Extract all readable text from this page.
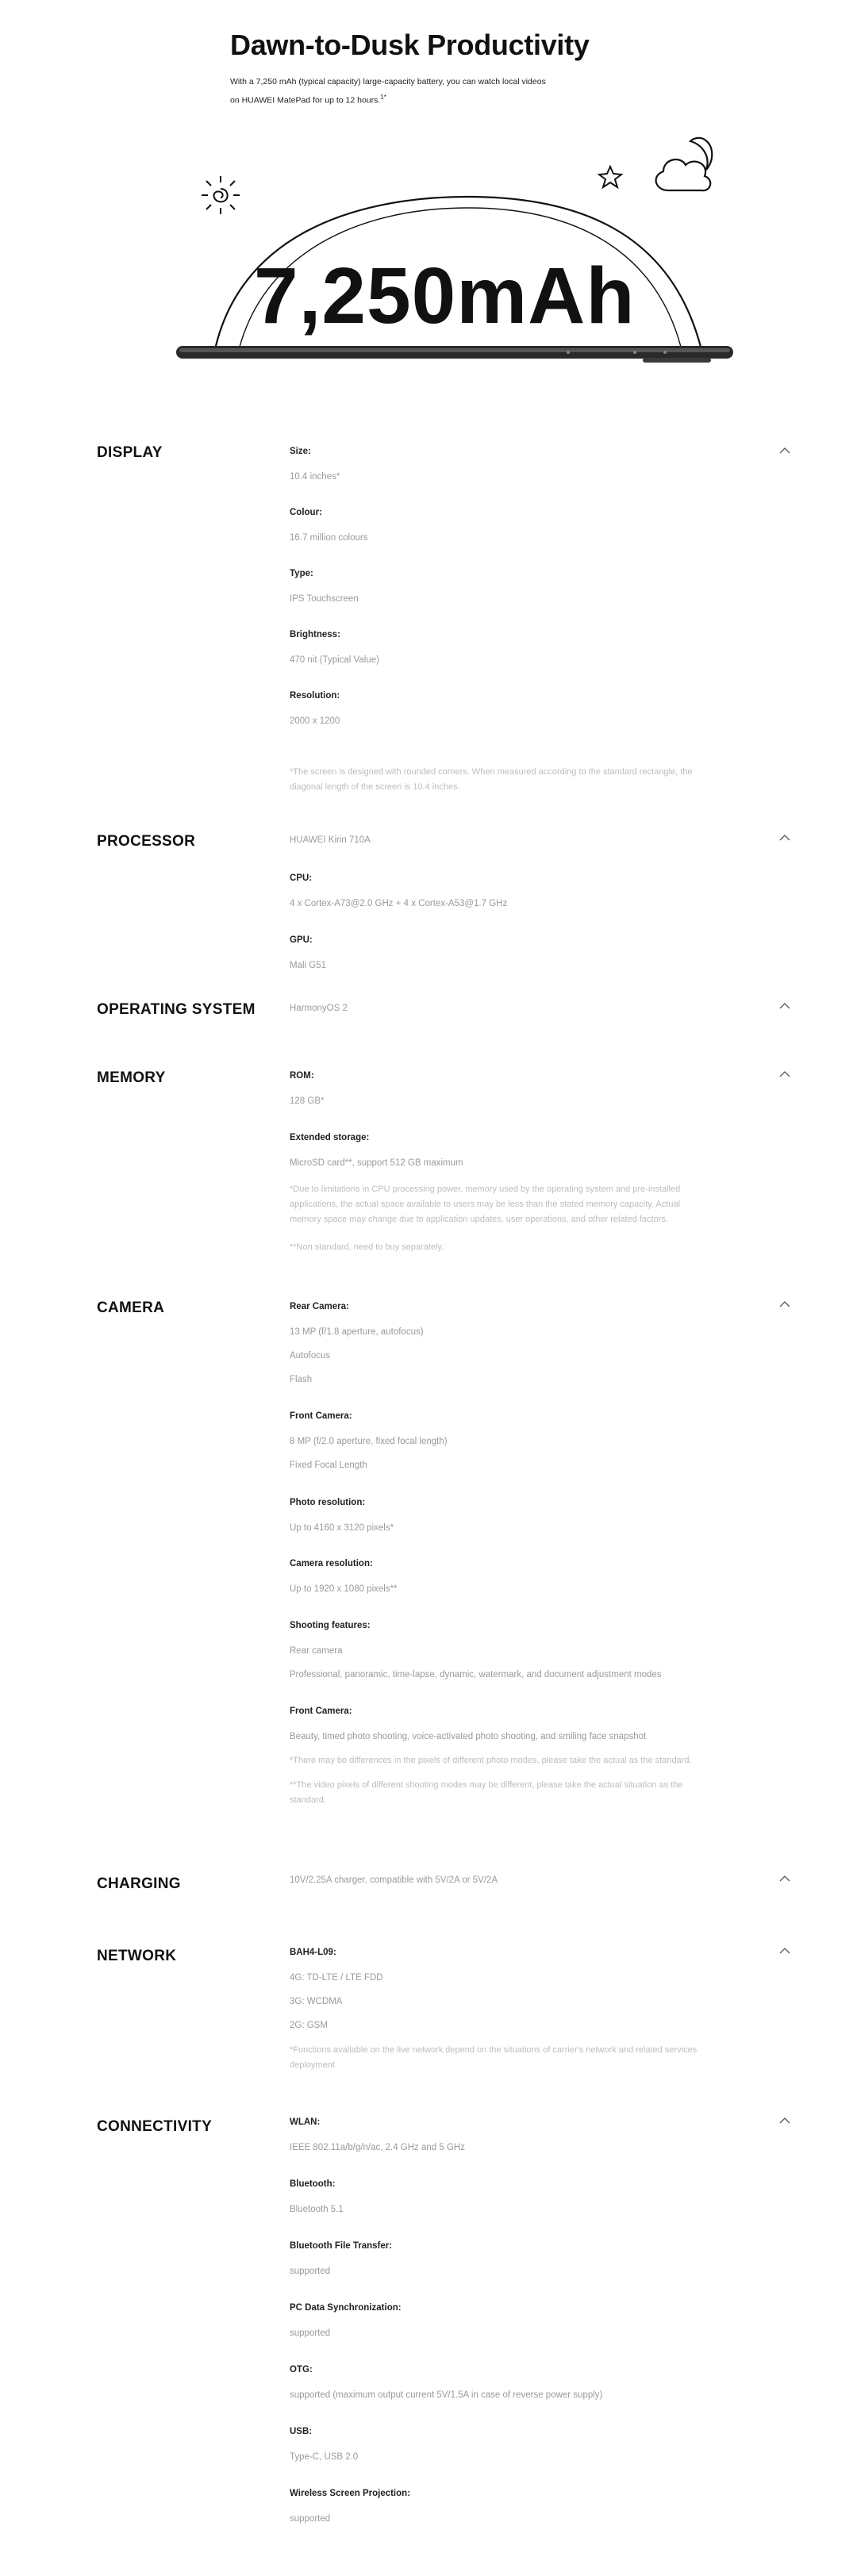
Dawn-to-Dusk Productivity

With a 7,250 mAh (typical capacity) large-capacity battery, you can watch local videos
on HUAWEI MatePad for up to 12 hours.$^{1*}$

7,250mAh
DISPLAY	Size:
10.4 inches*
Colour:
16.7 million colours
Type:
IPS Touchscreen
Brightness:
470 nit (Typical Value)
Resolution:
2000 x 1200
*The screen is designed with rounded corners. When measured according to the standard rectangle, the
diagonal length of the screen is 10.4 inches.
PROCESSOR	HUAWEI Kirin 710A
CPU:
4 x Cortex-A73@2.0 GHz + 4 x Cortex-A53@1.7 GHz
GPU:
Mali G51
OPERATING SYSTEM	HarmonyOS 2
MEMORY	ROM:
128 GB*
Extended storage:
MicroSD card**, support 512 GB maximum
*Due to limitations in CPU processing power, memory used by the operating system and pre-installed
applications, the actual space available to users may be less than the stated memory capacity. Actual
memory space may change due to application updates, user operations, and other related factors.
**Non standard, need to buy separately.
CAMERA	Rear Camera:
13 MP (f/1.8 aperture, autofocus)
Autofocus
Flash
Front Camera:
8 MP (f/2.0 aperture, fixed focal length)
Fixed Focal Length
Photo resolution:
Up to 4160 x 3120 pixels*
Camera resolution:
Up to 1920 x 1080 pixels**
Shooting features:
Rear camera
Professional, panoramic, time-lapse, dynamic, watermark, and document adjustment modes
Front Camera:
Beauty, timed photo shooting, voice-activated photo shooting, and smiling face snapshot
*There may be differences in the pixels of different photo modes, please take the actual as the standard.
**The video pixels of different shooting modes may be different, please take the actual situation as the
standard.
CHARGING	10V/2.25A charger, compatible with 5V/2A or 5V/2A
NETWORK	BAH4-L09:
4G: TD-LTE / LTE FDD
3G: WCDMA
2G: GSM
*Functions available on the live network depend on the situations of carrier's network and related services
deployment.
CONNECTIVITY	WLAN:
IEEE 802.11a/b/g/n/ac, 2.4 GHz and 5 GHz
Bluetooth:
Bluetooth 5.1
Bluetooth File Transfer:
supported
PC Data Synchronization:
supported
OTG:
supported (maximum output current 5V/1.5A in case of reverse power supply)
USB:
Type-C, USB 2.0
Wireless Screen Projection:
supported
